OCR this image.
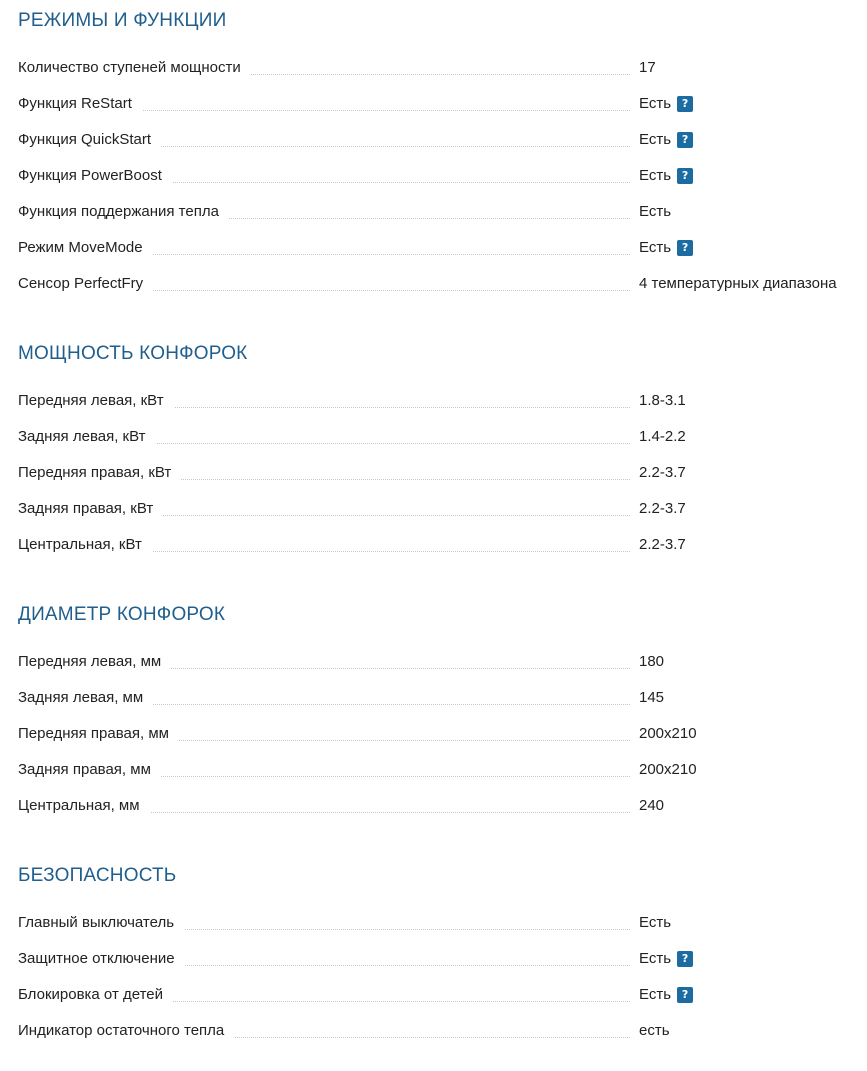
РЕЖИМЫ И ФУНКЦИИ
Количество ступеней мощности	17
Функция ReStart	Есть ?
Функция QuickStart	Есть ?
Функция PowerBoost	Есть ?
Функция поддержания тепла	Есть
Режим MoveMode	Есть ?
Сенсор PerfectFry	4 температурных диапазона
МОЩНОСТЬ КОНФОРОК
Передняя левая, кВт	1.8-3.1
Задняя левая, кВт	1.4-2.2
Передняя правая, кВт	2.2-3.7
Задняя правая, кВт	2.2-3.7
Центральная, кВт	2.2-3.7
ДИАМЕТР КОНФОРОК
Передняя левая, мм	180
Задняя левая, мм	145
Передняя правая, мм	200x210
Задняя правая, мм	200x210
Центральная, мм	240
БЕЗОПАСНОСТЬ
Главный выключатель	Есть
Защитное отключение	Есть ?
Блокировка от детей	Есть ?
Индикатор остаточного тепла	есть
